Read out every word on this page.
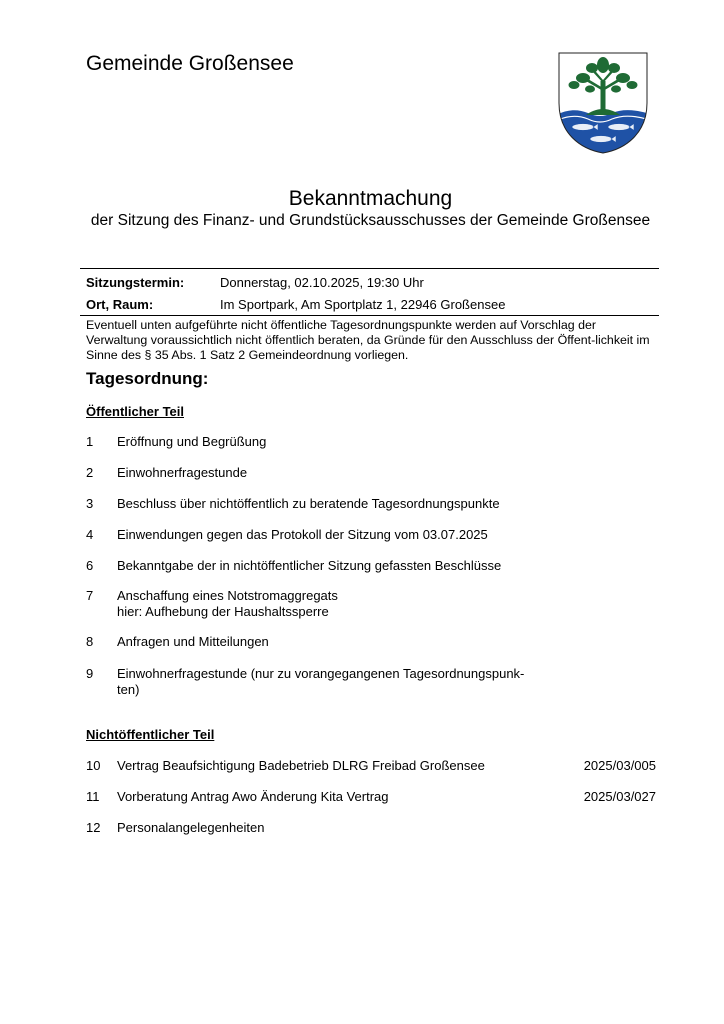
Gemeinde Großensee
Bekanntmachung
der Sitzung des Finanz- und Grundstücksausschusses der Gemeinde Großensee
Sitzungstermin:	Donnerstag, 02.10.2025, 19:30 Uhr
Ort, Raum:	Im Sportpark, Am Sportplatz 1, 22946 Großensee
Eventuell unten aufgeführte nicht öffentliche Tagesordnungspunkte werden auf Vorschlag der Verwaltung voraussichtlich nicht öffentlich beraten, da Gründe für den Ausschluss der Öffent-lichkeit im Sinne des § 35 Abs. 1 Satz 2 Gemeindeordnung vorliegen.
Tagesordnung:
Öffentlicher Teil
1 Eröffnung und Begrüßung
2 Einwohnerfragestunde
3 Beschluss über nichtöffentlich zu beratende Tagesordnungspunkte
4 Einwendungen gegen das Protokoll der Sitzung vom 03.07.2025
6 Bekanntgabe der in nichtöffentlicher Sitzung gefassten Beschlüsse
7 Anschaffung eines Notstromaggregats
hier: Aufhebung der Haushaltssperre
8 Anfragen und Mitteilungen
9 Einwohnerfragestunde (nur zu vorangegangenen Tagesordnungspunk-
ten)
Nichtöffentlicher Teil
10 Vertrag Beaufsichtigung Badebetrieb DLRG Freibad Großensee	2025/03/005
11 Vorberatung Antrag Awo Änderung Kita Vertrag	2025/03/027
12 Personalangelegenheiten
